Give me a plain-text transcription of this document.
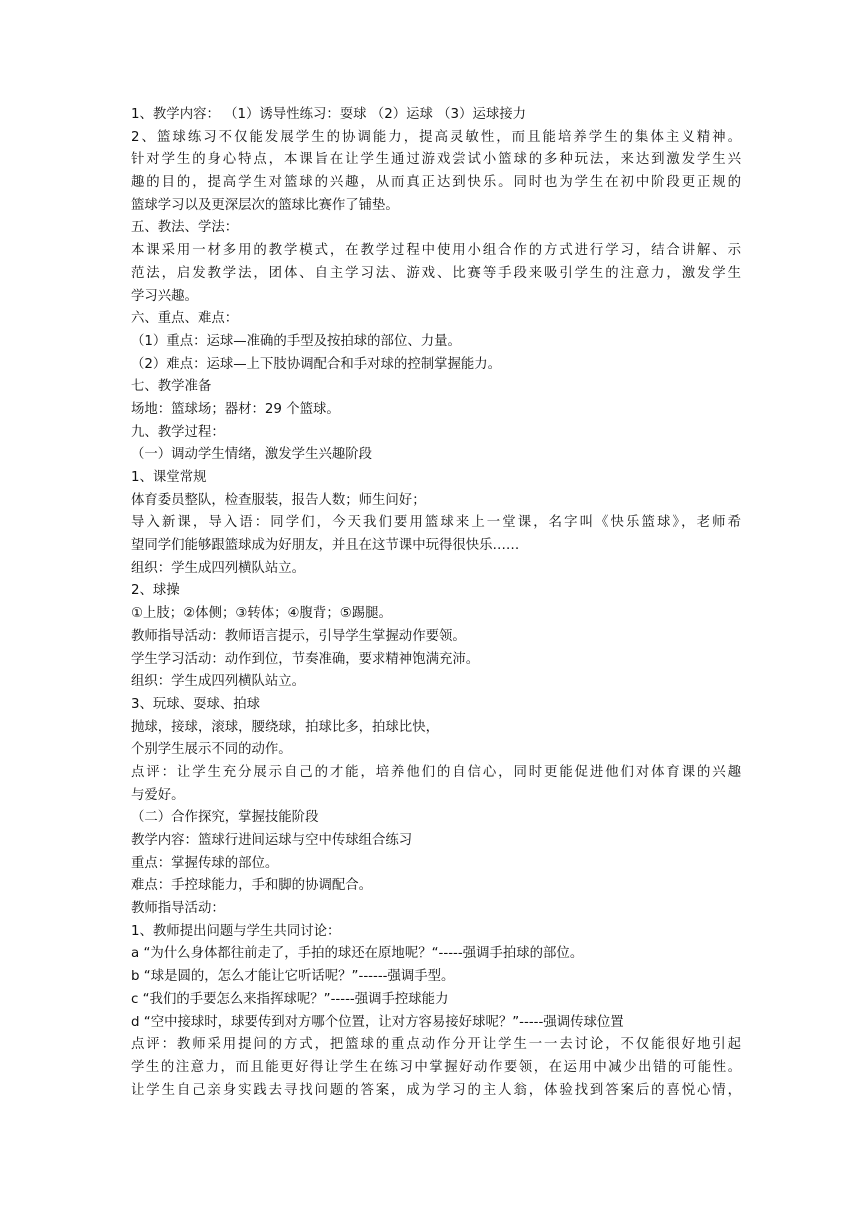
1、教学内容： （1）诱导性练习：耍球 （2）运球 （3）运球接力
2、篮球练习不仅能发展学生的协调能力，提高灵敏性，而且能培养学生的集体主义精神。
针对学生的身心特点，本课旨在让学生通过游戏尝试小篮球的多种玩法，来达到激发学生兴
趣的目的，提高学生对篮球的兴趣，从而真正达到快乐。同时也为学生在初中阶段更正规的
篮球学习以及更深层次的篮球比赛作了铺垫。
五、教法、学法：
本课采用一材多用的教学模式，在教学过程中使用小组合作的方式进行学习，结合讲解、示
范法，启发教学法，团体、自主学习法、游戏、比赛等手段来吸引学生的注意力，激发学生
学习兴趣。
六、重点、难点：
（1）重点：运球—准确的手型及按拍球的部位、力量。
（2）难点：运球—上下肢协调配合和手对球的控制掌握能力。
七、教学准备
场地：篮球场；器材：29 个篮球。
九、教学过程：
（一）调动学生情绪，激发学生兴趣阶段
1、课堂常规
体育委员整队，检查服装，报告人数；师生问好；
导入新课，导入语：同学们，今天我们要用篮球来上一堂课，名字叫《快乐篮球》，老师希
望同学们能够跟篮球成为好朋友，并且在这节课中玩得很快乐……
组织：学生成四列横队站立。
2、球操
①上肢；②体侧；③转体；④腹背；⑤踢腿。
教师指导活动：教师语言提示，引导学生掌握动作要领。
学生学习活动：动作到位，节奏准确，要求精神饱满充沛。
组织：学生成四列横队站立。
3、玩球、耍球、拍球
抛球，接球，滚球，腰绕球，拍球比多，拍球比快，
个别学生展示不同的动作。
点评：让学生充分展示自己的才能，培养他们的自信心，同时更能促进他们对体育课的兴趣
与爱好。
（二）合作探究，掌握技能阶段
教学内容：篮球行进间运球与空中传球组合练习
重点：掌握传球的部位。
难点：手控球能力，手和脚的协调配合。
教师指导活动：
1、教师提出问题与学生共同讨论：
a “为什么身体都往前走了，手拍的球还在原地呢？“-----强调手拍球的部位。
b “球是圆的，怎么才能让它听话呢？”------强调手型。
c “我们的手要怎么来指挥球呢？”-----强调手控球能力
d “空中接球时，球要传到对方哪个位置，让对方容易接好球呢？”-----强调传球位置
点评：教师采用提问的方式，把篮球的重点动作分开让学生一一去讨论，不仅能很好地引起
学生的注意力，而且能更好得让学生在练习中掌握好动作要领，在运用中减少出错的可能性。
让学生自己亲身实践去寻找问题的答案，成为学习的主人翁，体验找到答案后的喜悦心情，
